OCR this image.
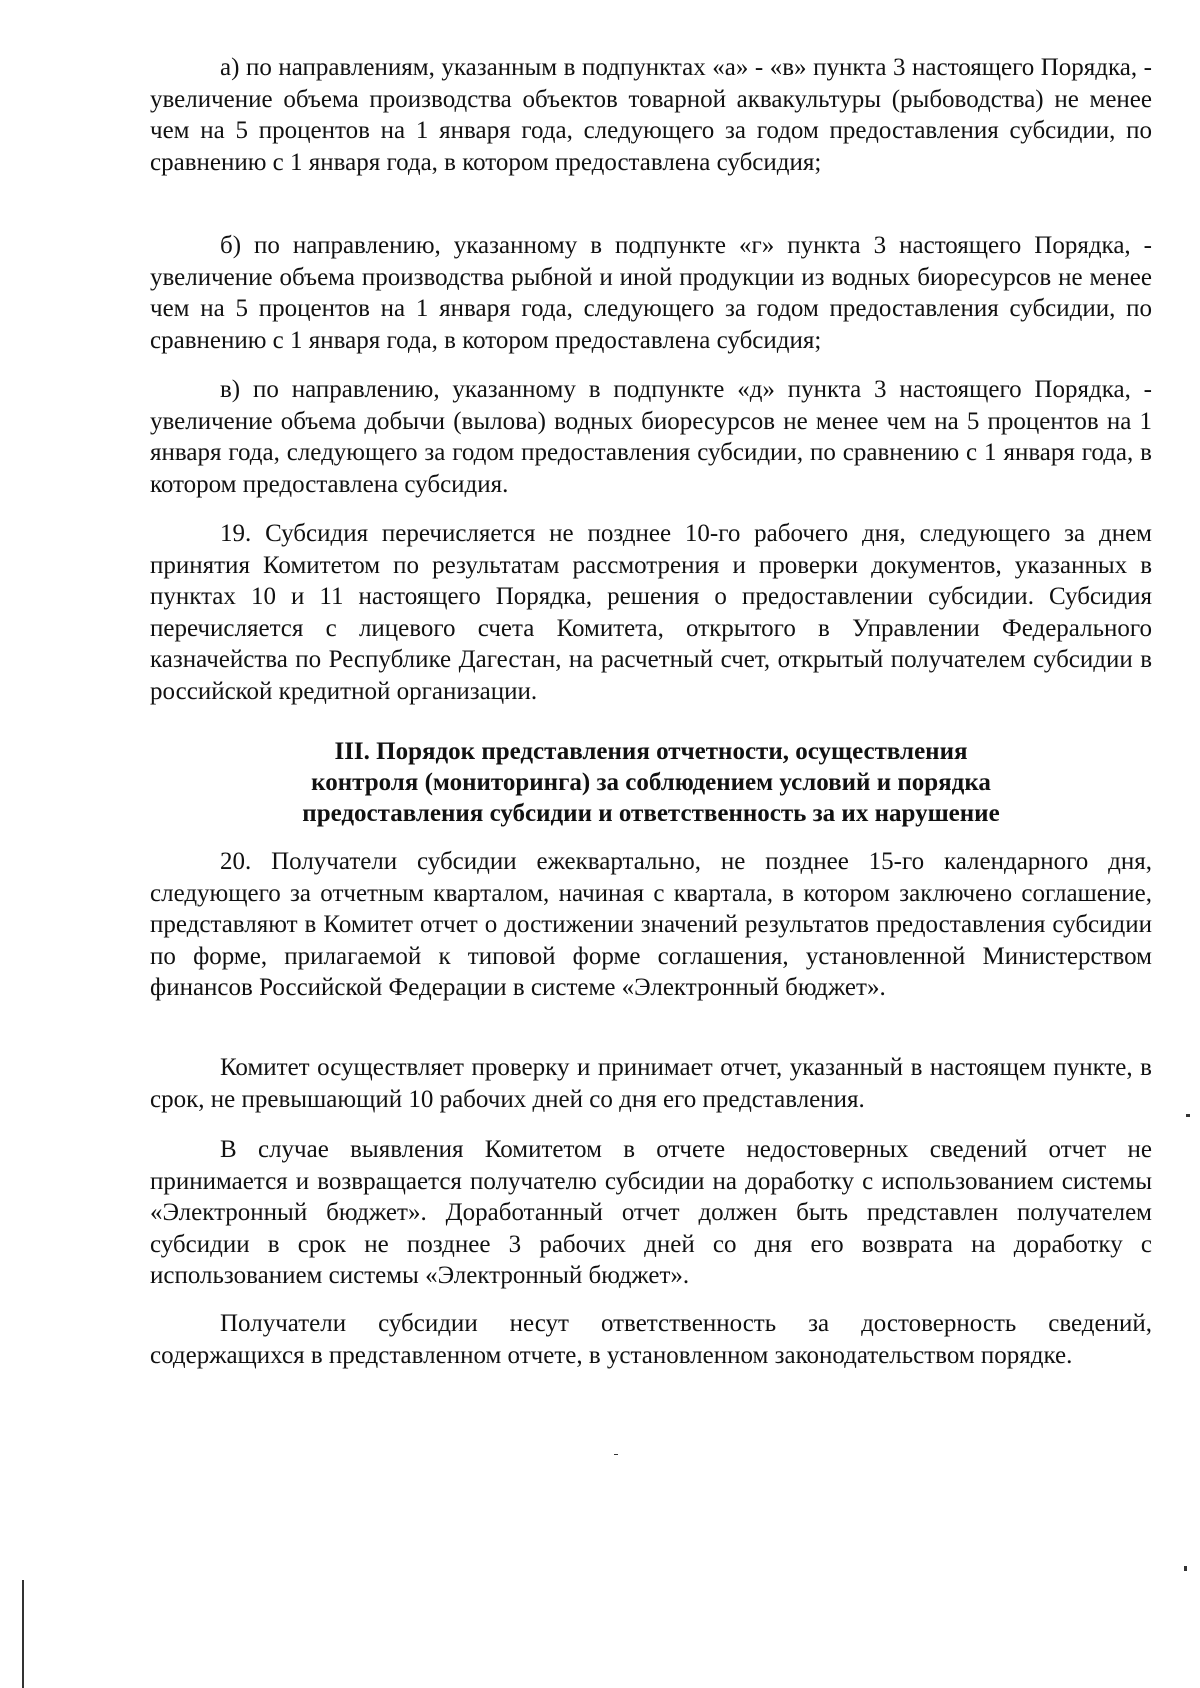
а) по направлениям, указанным в подпунктах «а» - «в» пункта 3 настоящего Порядка, - увеличение объема производства объектов товарной аквакультуры (рыбоводства) не менее чем на 5 процентов на 1 января года, следующего за годом предоставления субсидии, по сравнению с 1 января года, в котором предоставлена субсидия;

б) по направлению, указанному в подпункте «г» пункта 3 настоящего Порядка, - увеличение объема производства рыбной и иной продукции из водных биоресурсов не менее чем на 5 процентов на 1 января года, следующего за годом предоставления субсидии, по сравнению с 1 января года, в котором предоставлена субсидия;

в) по направлению, указанному в подпункте «д» пункта 3 настоящего Порядка, - увеличение объема добычи (вылова) водных биоресурсов не менее чем на 5 процентов на 1 января года, следующего за годом предоставления субсидии, по сравнению с 1 января года, в котором предоставлена субсидия.

19. Субсидия перечисляется не позднее 10-го рабочего дня, следующего за днем принятия Комитетом по результатам рассмотрения и проверки документов, указанных в пунктах 10 и 11 настоящего Порядка, решения о предоставлении субсидии. Субсидия перечисляется с лицевого счета Комитета, открытого в Управлении Федерального казначейства по Республике Дагестан, на расчетный счет, открытый получателем субсидии в российской кредитной организации.

III. Порядок представления отчетности, осуществления
контроля (мониторинга) за соблюдением условий и порядка
предоставления субсидии и ответственность за их нарушение

20. Получатели субсидии ежеквартально, не позднее 15-го календарного дня, следующего за отчетным кварталом, начиная с квартала, в котором заключено соглашение, представляют в Комитет отчет о достижении значений результатов предоставления субсидии по форме, прилагаемой к типовой форме соглашения, установленной Министерством финансов Российской Федерации в системе «Электронный бюджет».

Комитет осуществляет проверку и принимает отчет, указанный в настоящем пункте, в срок, не превышающий 10 рабочих дней со дня его представления.

В случае выявления Комитетом в отчете недостоверных сведений отчет не принимается и возвращается получателю субсидии на доработку с использованием системы «Электронный бюджет». Доработанный отчет должен быть представлен получателем субсидии в срок не позднее 3 рабочих дней со дня его возврата на доработку с использованием системы «Электронный бюджет».

Получатели субсидии несут ответственность за достоверность сведений, содержащихся в представленном отчете, в установленном законодательством порядке.
